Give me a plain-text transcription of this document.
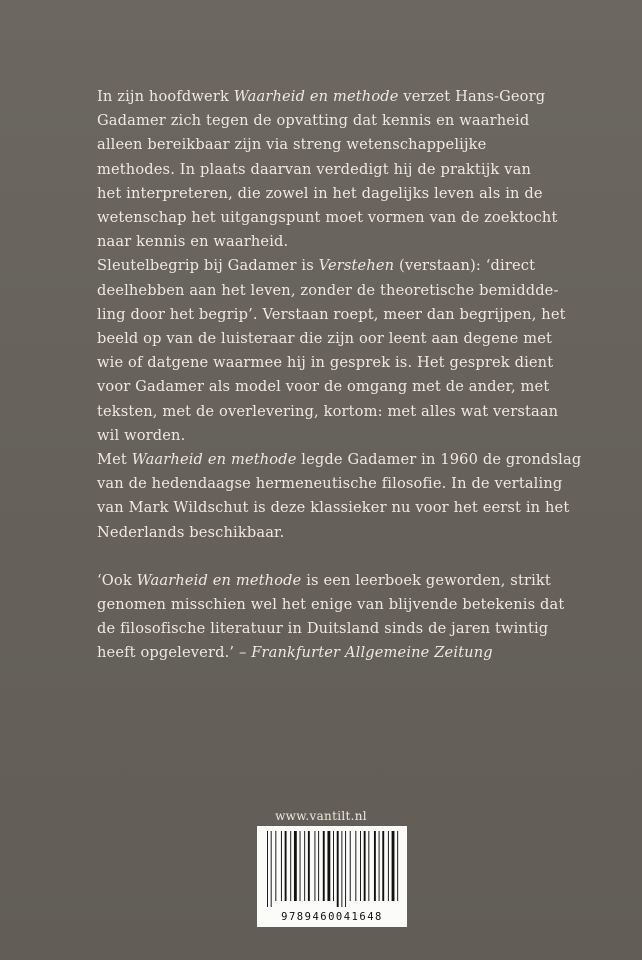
In zijn hoofdwerk Waarheid en methode verzet Hans-Georg
Gadamer zich tegen de opvatting dat kennis en waarheid
alleen bereikbaar zijn via streng wetenschappelijke
methodes. In plaats daarvan verdedigt hij de praktijk van
het interpreteren, die zowel in het dagelijks leven als in de
wetenschap het uitgangspunt moet vormen van de zoektocht
naar kennis en waarheid.
Sleutelbegrip bij Gadamer is Verstehen (verstaan): ‘direct
deelhebben aan het leven, zonder de theoretische bemiddde-
ling door het begrip’. Verstaan roept, meer dan begrijpen, het
beeld op van de luisteraar die zijn oor leent aan degene met
wie of datgene waarmee hij in gesprek is. Het gesprek dient
voor Gadamer als model voor de omgang met de ander, met
teksten, met de overlevering, kortom: met alles wat verstaan
wil worden.
Met Waarheid en methode legde Gadamer in 1960 de grondslag
van de hedendaagse hermeneutische filosofie. In de vertaling
van Mark Wildschut is deze klassieker nu voor het eerst in het
Nederlands beschikbaar.
‘Ook Waarheid en methode is een leerboek geworden, strikt
genomen misschien wel het enige van blijvende betekenis dat
de filosofische literatuur in Duitsland sinds de jaren twintig
heeft opgeleverd.’ – Frankfurter Allgemeine Zeitung
www.vantilt.nl
9789460041648
